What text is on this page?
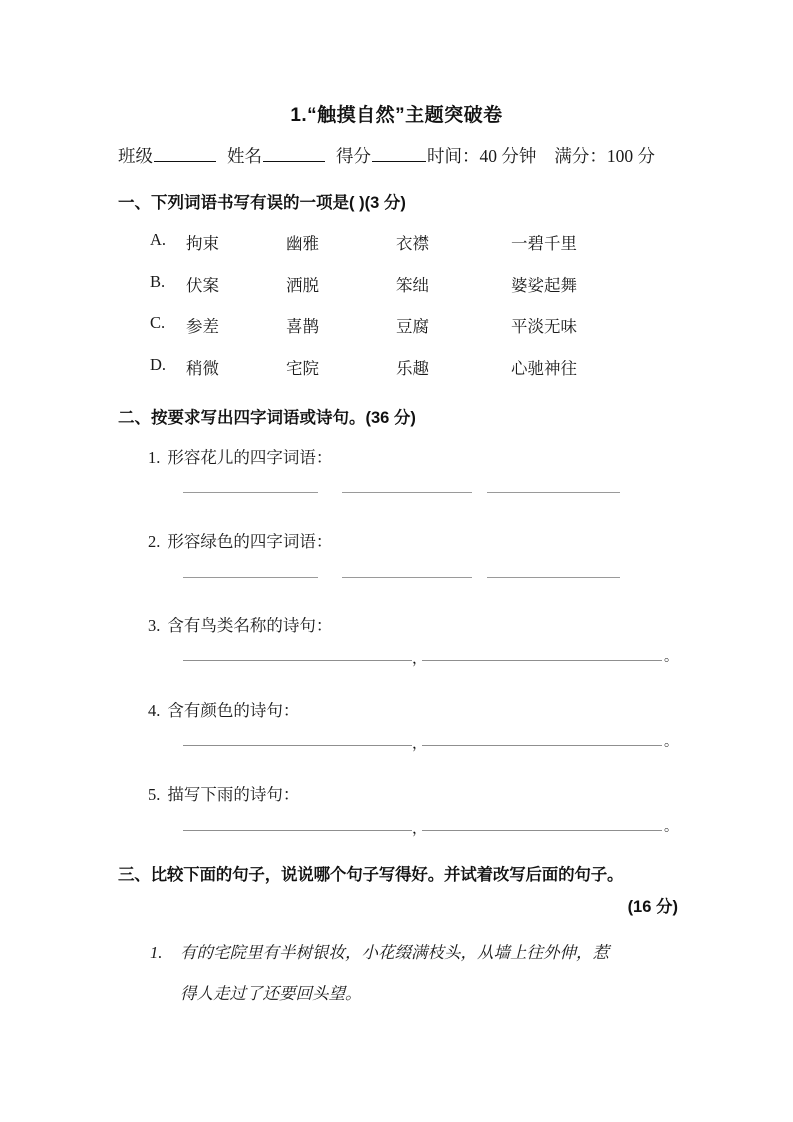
1.“触摸自然”主题突破卷
班级	姓名	得分	时间：40 分钟 满分：100 分
一、下列词语书写有误的一项是( )(3 分)
A. 拘束	幽雅	衣襟	一碧千里
B. 伏案	洒脱	笨绌	婆娑起舞
C. 参差	喜鹊	豆腐	平淡无味
D. 稍微	宅院	乐趣	心驰神往
二、按要求写出四字词语或诗句。(36 分)
1. 形容花儿的四字词语：
2. 形容绿色的四字词语：
3. 含有鸟类名称的诗句：
，	。
4. 含有颜色的诗句：
，	。
5. 描写下雨的诗句：
，	。
三、比较下面的句子，说说哪个句子写得好。并试着改写后面的句子。
(16 分)
1. 有的宅院里有半树银妆，小花缀满枝头，从墙上往外伸，惹
得人走过了还要回头望。
